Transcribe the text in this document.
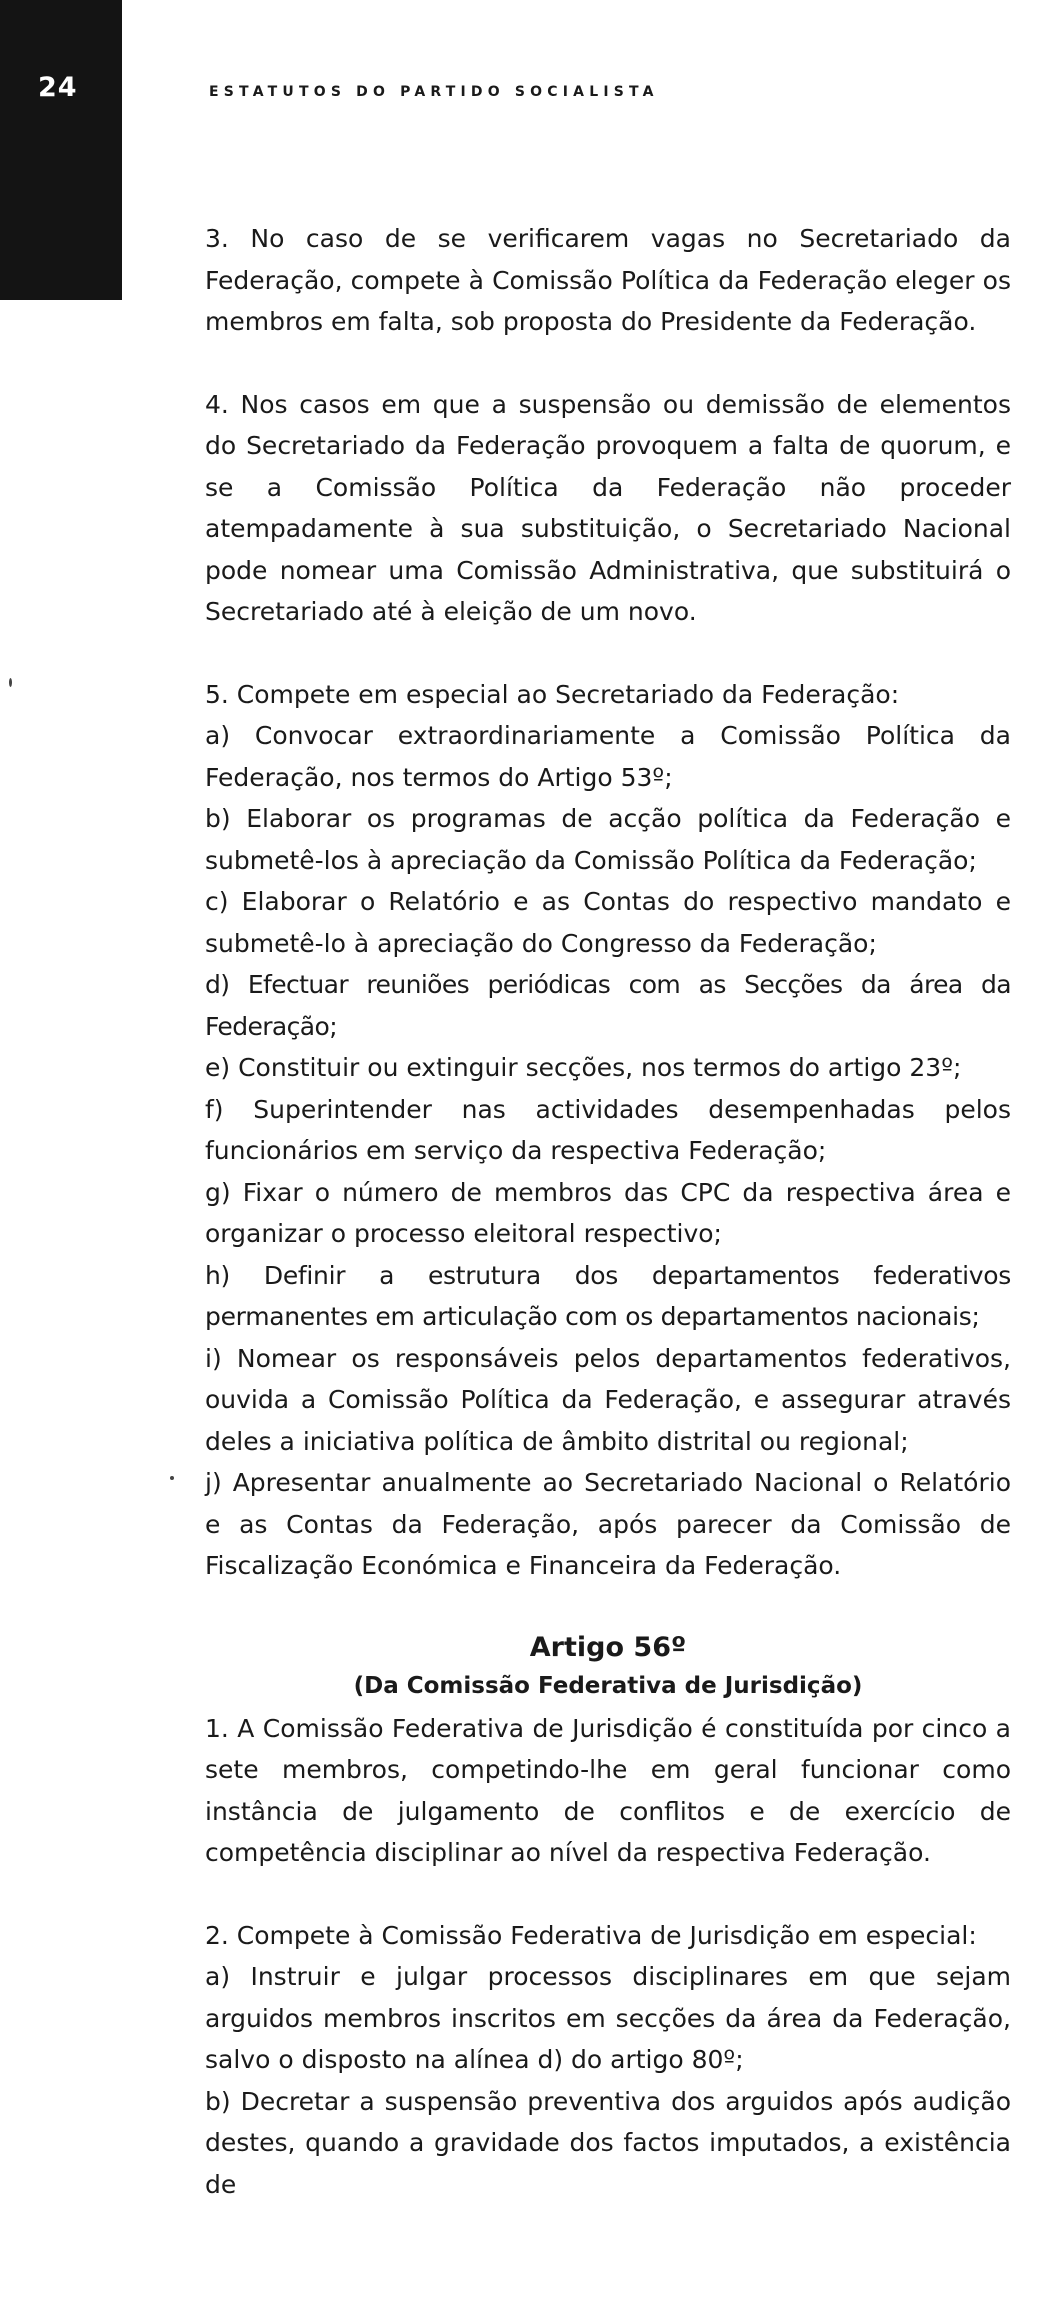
24	ESTATUTOS DO PARTIDO SOCIALISTA

3. No caso de se verificarem vagas no Secretariado da Federação, compete à Comissão Política da Federação eleger os membros em falta, sob proposta do Presidente da Federação.

4. Nos casos em que a suspensão ou demissão de elementos do Secretariado da Federação provoquem a falta de quorum, e se a Comissão Política da Federação não proceder atempadamente à sua substituição, o Secretariado Nacional pode nomear uma Comissão Administrativa, que substituirá o Secretariado até à eleição de um novo.

5. Compete em especial ao Secretariado da Federação:

a) Convocar extraordinariamente a Comissão Política da Federação, nos termos do Artigo 53º;

b) Elaborar os programas de acção política da Federação e submetê-los à apreciação da Comissão Política da Federação;

c) Elaborar o Relatório e as Contas do respectivo mandato e submetê-lo à apreciação do Congresso da Federação;

d) Efectuar reuniões periódicas com as Secções da área da Federação;

e) Constituir ou extinguir secções, nos termos do artigo 23º;

f) Superintender nas actividades desempenhadas pelos funcionários em serviço da respectiva Federação;

g) Fixar o número de membros das CPC da respectiva área e organizar o processo eleitoral respectivo;

h) Definir a estrutura dos departamentos federativos permanentes em articulação com os departamentos nacionais;

i) Nomear os responsáveis pelos departamentos federativos, ouvida a Comissão Política da Federação, e assegurar através deles a iniciativa política de âmbito distrital ou regional;

j) Apresentar anualmente ao Secretariado Nacional o Relatório e as Contas da Federação, após parecer da Comissão de Fiscalização Económica e Financeira da Federação.

Artigo 56º

(Da Comissão Federativa de Jurisdição)

1. A Comissão Federativa de Jurisdição é constituída por cinco a sete membros, competindo-lhe em geral funcionar como instância de julgamento de conflitos e de exercício de competência disciplinar ao nível da respectiva Federação.

2. Compete à Comissão Federativa de Jurisdição em especial:

a) Instruir e julgar processos disciplinares em que sejam arguidos membros inscritos em secções da área da Federação, salvo o disposto na alínea d) do artigo 80º;

b) Decretar a suspensão preventiva dos arguidos após audição destes, quando a gravidade dos factos imputados, a existência de
